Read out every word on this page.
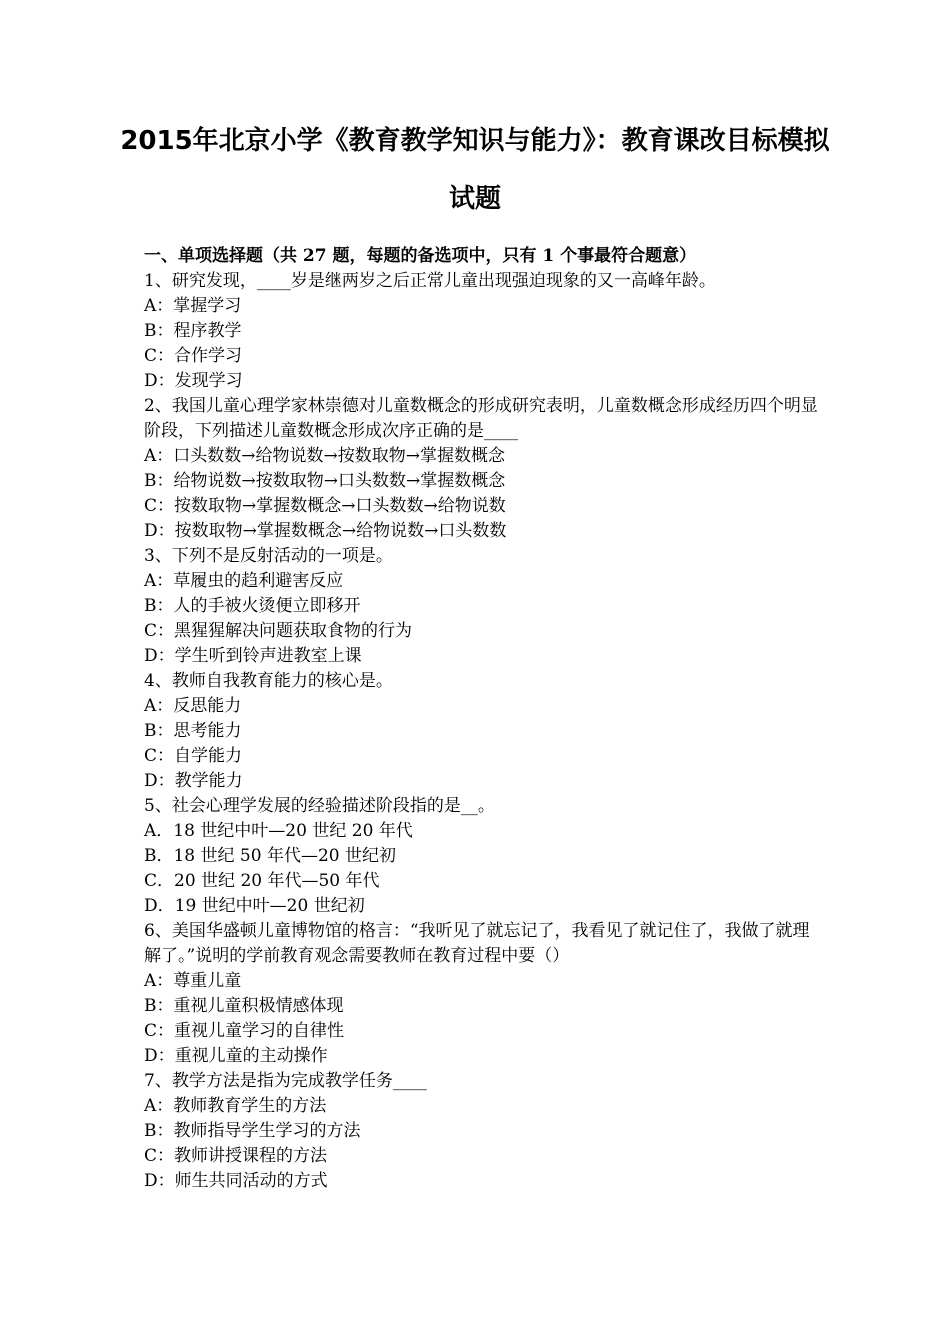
2015年北京小学《教育教学知识与能力》：教育课改目标模拟试题
一、单项选择题（共 27 题，每题的备选项中，只有 1 个事最符合题意）
1、研究发现，____岁是继两岁之后正常儿童出现强迫现象的又一高峰年龄。
A：掌握学习
B：程序教学
C：合作学习
D：发现学习
2、我国儿童心理学家林崇德对儿童数概念的形成研究表明，儿童数概念形成经历四个明显阶段，下列描述儿童数概念形成次序正确的是____
A：口头数数→给物说数→按数取物→掌握数概念
B：给物说数→按数取物→口头数数→掌握数概念
C：按数取物→掌握数概念→口头数数→给物说数
D：按数取物→掌握数概念→给物说数→口头数数
3、下列不是反射活动的一项是。
A：草履虫的趋利避害反应
B：人的手被火烫便立即移开
C：黑猩猩解决问题获取食物的行为
D：学生听到铃声进教室上课
4、教师自我教育能力的核心是。
A：反思能力
B：思考能力
C：自学能力
D：教学能力
5、社会心理学发展的经验描述阶段指的是__。
A．18 世纪中叶—20 世纪 20 年代
B．18 世纪 50 年代—20 世纪初
C．20 世纪 20 年代—50 年代
D．19 世纪中叶—20 世纪初
6、美国华盛顿儿童博物馆的格言：“我听见了就忘记了，我看见了就记住了，我做了就理解了。”说明的学前教育观念需要教师在教育过程中要（）
A：尊重儿童
B：重视儿童积极情感体现
C：重视儿童学习的自律性
D：重视儿童的主动操作
7、教学方法是指为完成教学任务____
A：教师教育学生的方法
B：教师指导学生学习的方法
C：教师讲授课程的方法
D：师生共同活动的方式
